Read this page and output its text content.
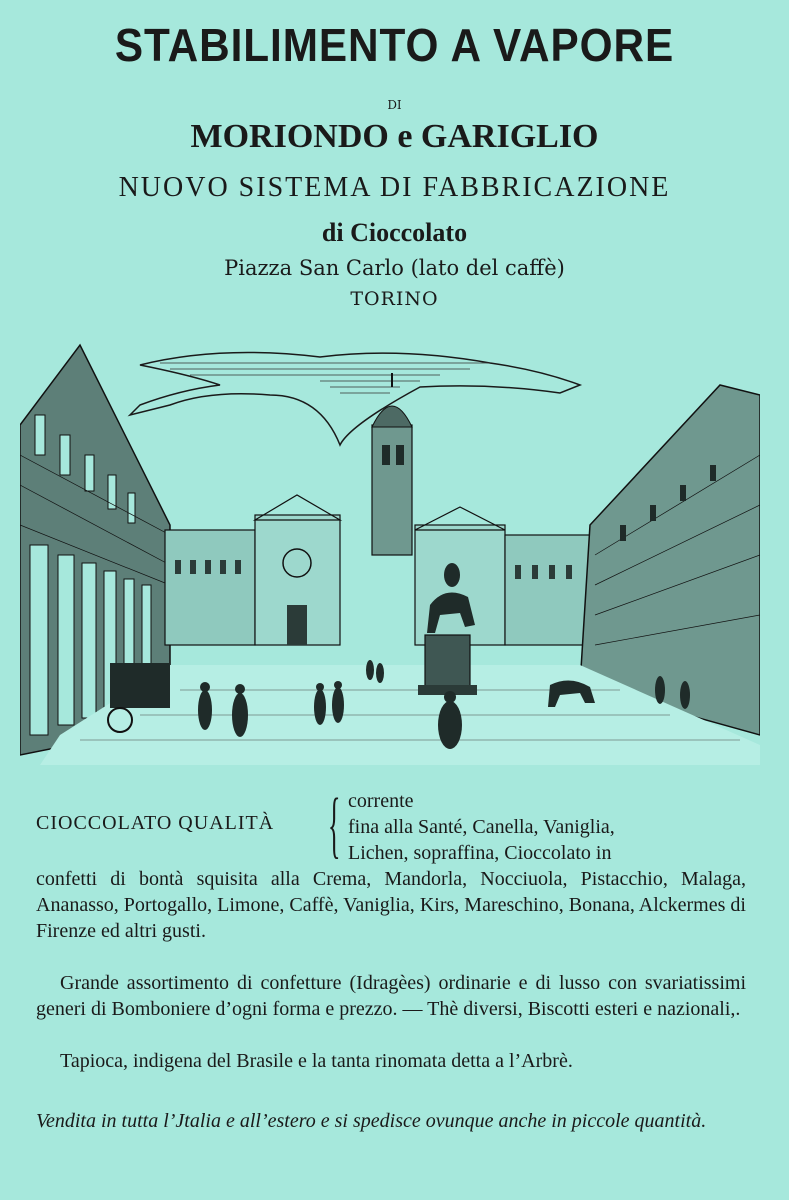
STABILIMENTO A VAPORE
DI
MORIONDO e GARIGLIO
NUOVO SISTEMA DI FABBRICAZIONE
di Cioccolato
Piazza San Carlo (lato del caffè)
TORINO
CIOCCOLATO QUALITÀ { corrente
fina alla Santé, Canella, Vaniglia,
Lichen, sopraffina, Cioccolato in
confetti di bontà squisita alla Crema, Mandorla, Nocciuola, Pistacchio, Malaga, Ananasso, Portogallo, Limone, Caffè, Vaniglia, Kirs, Mareschino, Bonana, Alckermes di Firenze ed altri gusti.
Grande assortimento di confetture (Idragèes) ordinarie e di lusso con svariatissimi generi di Bomboniere d’ogni forma e prezzo. — Thè diversi, Biscotti esteri e nazionali,.
Tapioca, indigena del Brasile e la tanta rinomata detta a l’Arbrè.
Vendita in tutta l’Jtalia e all’estero e si spedisce ovunque anche in piccole quantità.
